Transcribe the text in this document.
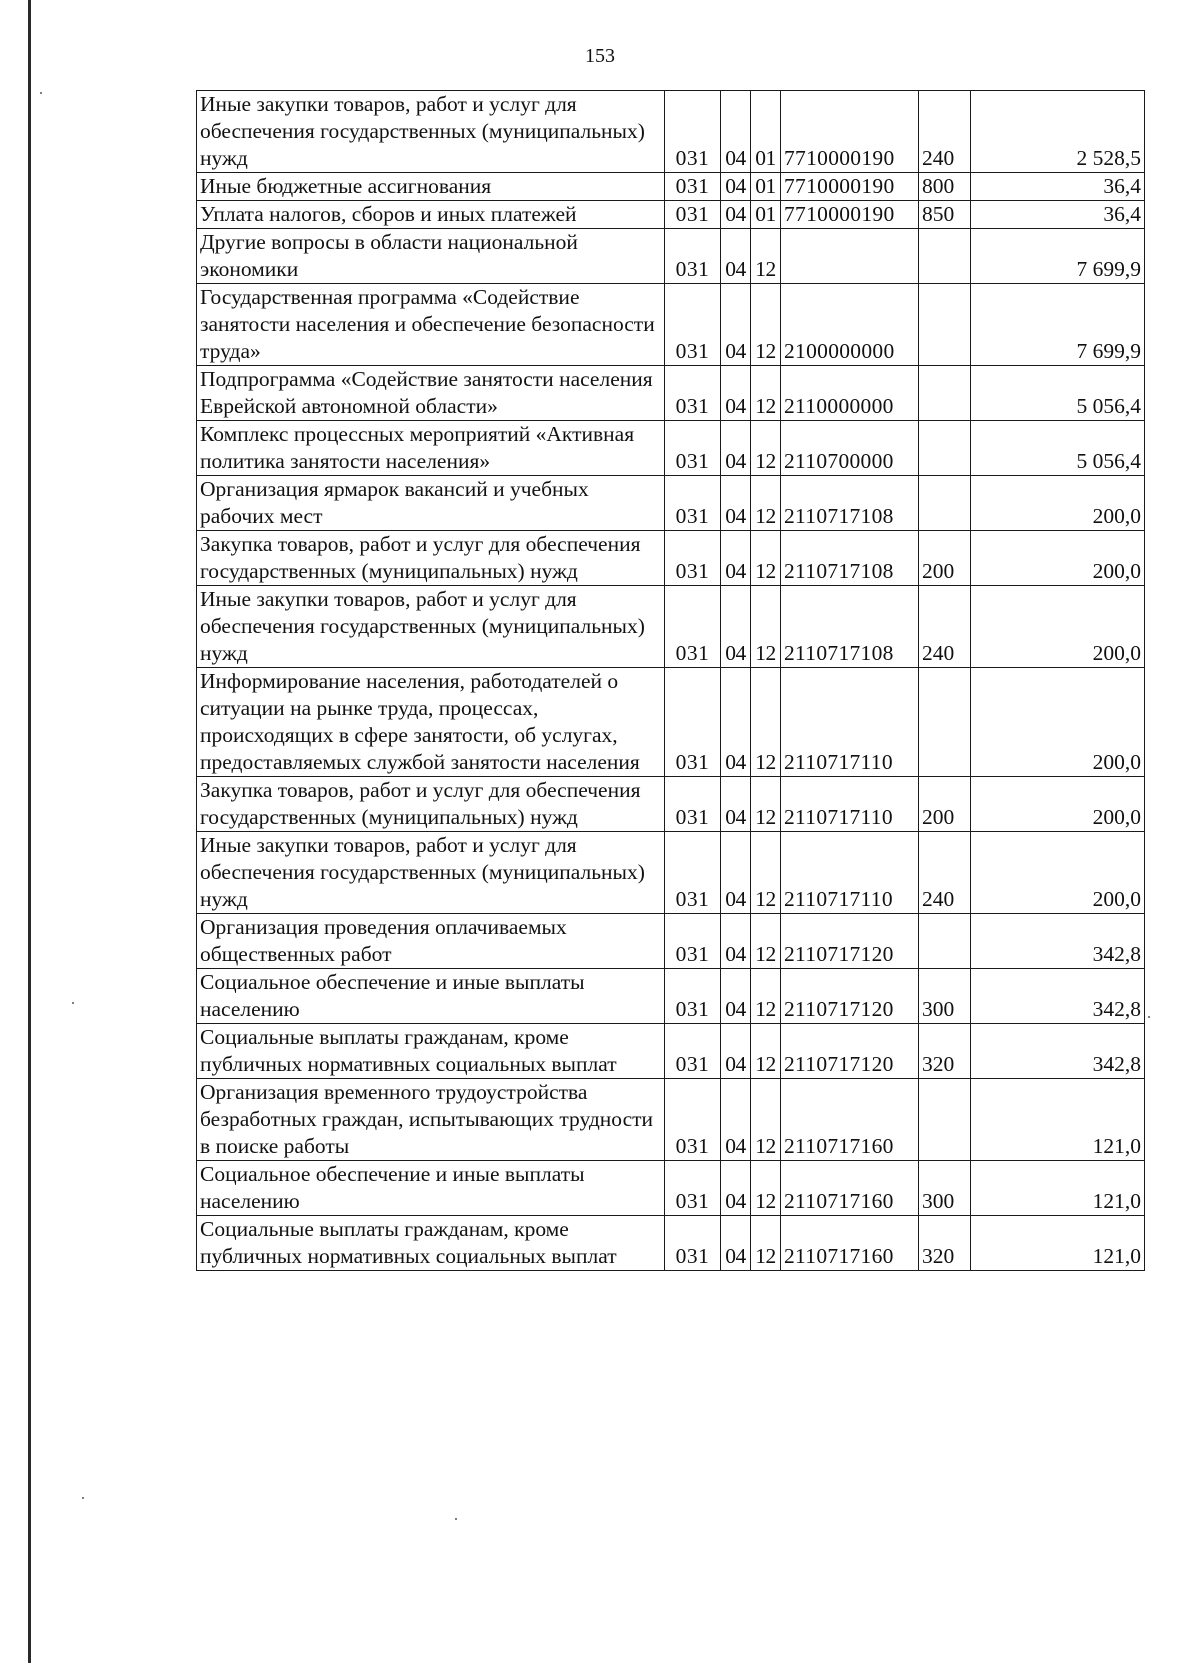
153
Иные закупки товаров, работ и услуг для обеспечения государственных (муниципальных) нужд	031	04	01	7710000190	240	2 528,5
Иные бюджетные ассигнования	031	04	01	7710000190	800	36,4
Уплата налогов, сборов и иных платежей	031	04	01	7710000190	850	36,4
Другие вопросы в области национальной экономики	031	04	12			7 699,9
Государственная программа «Содействие занятости населения и обеспечение безопасности труда»	031	04	12	2100000000		7 699,9
Подпрограмма «Содействие занятости населения Еврейской автономной области»	031	04	12	2110000000		5 056,4
Комплекс процессных мероприятий «Активная политика занятости населения»	031	04	12	2110700000		5 056,4
Организация ярмарок вакансий и учебных рабочих мест	031	04	12	2110717108		200,0
Закупка товаров, работ и услуг для обеспечения государственных (муниципальных) нужд	031	04	12	2110717108	200	200,0
Иные закупки товаров, работ и услуг для обеспечения государственных (муниципальных) нужд	031	04	12	2110717108	240	200,0
Информирование населения, работодателей о ситуации на рынке труда, процессах, происходящих в сфере занятости, об услугах, предоставляемых службой занятости населения	031	04	12	2110717110		200,0
Закупка товаров, работ и услуг для обеспечения государственных (муниципальных) нужд	031	04	12	2110717110	200	200,0
Иные закупки товаров, работ и услуг для обеспечения государственных (муниципальных) нужд	031	04	12	2110717110	240	200,0
Организация проведения оплачиваемых общественных работ	031	04	12	2110717120		342,8
Социальное обеспечение и иные выплаты населению	031	04	12	2110717120	300	342,8
Социальные выплаты гражданам, кроме публичных нормативных социальных выплат	031	04	12	2110717120	320	342,8
Организация временного трудоустройства безработных граждан, испытывающих трудности в поиске работы	031	04	12	2110717160		121,0
Социальное обеспечение и иные выплаты населению	031	04	12	2110717160	300	121,0
Социальные выплаты гражданам, кроме публичных нормативных социальных выплат	031	04	12	2110717160	320	121,0
